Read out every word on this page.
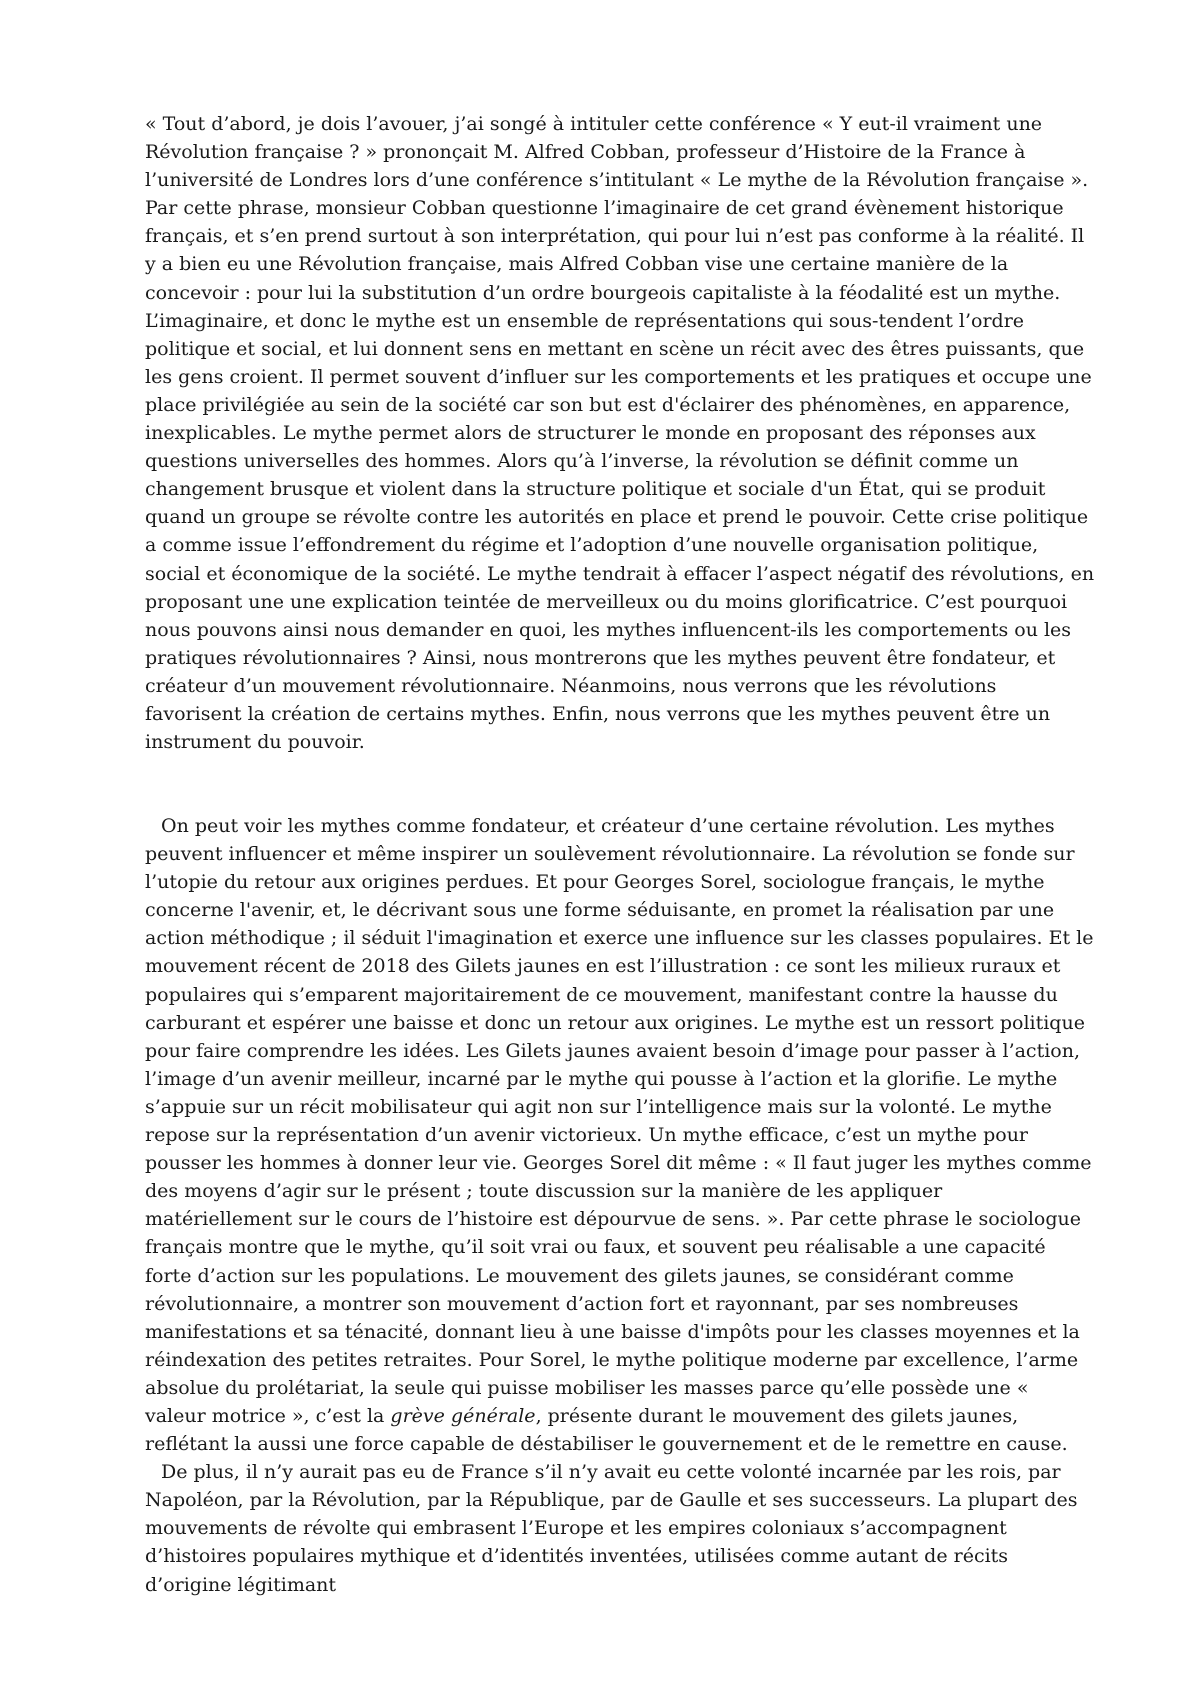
« Tout d’abord, je dois l’avouer, j’ai songé à intituler cette conférence « Y eut-il vraiment une Révolution française ? » prononçait M. Alfred Cobban, professeur d’Histoire de la France à l’université de Londres lors d’une conférence s’intitulant « Le mythe de la Révolution française ». Par cette phrase, monsieur Cobban questionne l’imaginaire de cet grand évènement historique français, et s’en prend surtout à son interprétation, qui pour lui n’est pas conforme à la réalité. Il y a bien eu une Révolution française, mais Alfred Cobban vise une certaine manière de la concevoir : pour lui la substitution d’un ordre bourgeois capitaliste à la féodalité est un mythe. L’imaginaire, et donc le mythe est un ensemble de représentations qui sous-tendent l’ordre politique et social, et lui donnent sens en mettant en scène un récit avec des êtres puissants, que les gens croient. Il permet souvent d’influer sur les comportements et les pratiques et occupe une place privilégiée au sein de la société car son but est d'éclairer des phénomènes, en apparence, inexplicables. Le mythe permet alors de structurer le monde en proposant des réponses aux questions universelles des hommes. Alors qu’à l’inverse, la révolution se définit comme un changement brusque et violent dans la structure politique et sociale d'un État, qui se produit quand un groupe se révolte contre les autorités en place et prend le pouvoir. Cette crise politique a comme issue l’effondrement du régime et l’adoption d’une nouvelle organisation politique, social et économique de la société. Le mythe tendrait à effacer l’aspect négatif des révolutions, en proposant une une explication teintée de merveilleux ou du moins glorificatrice. C’est pourquoi nous pouvons ainsi nous demander en quoi, les mythes influencent-ils les comportements ou les pratiques révolutionnaires ? Ainsi, nous montrerons que les mythes peuvent être fondateur, et créateur d’un mouvement révolutionnaire. Néanmoins, nous verrons que les révolutions favorisent la création de certains mythes. Enfin, nous verrons que les mythes peuvent être un instrument du pouvoir.

On peut voir les mythes comme fondateur, et créateur d’une certaine révolution. Les mythes peuvent influencer et même inspirer un soulèvement révolutionnaire. La révolution se fonde sur l’utopie du retour aux origines perdues. Et pour Georges Sorel, sociologue français, le mythe concerne l'avenir, et, le décrivant sous une forme séduisante, en promet la réalisation par une action méthodique ; il séduit l'imagination et exerce une influence sur les classes populaires. Et le mouvement récent de 2018 des Gilets jaunes en est l’illustration : ce sont les milieux ruraux et populaires qui s’emparent majoritairement de ce mouvement, manifestant contre la hausse du carburant et espérer une baisse et donc un retour aux origines. Le mythe est un ressort politique pour faire comprendre les idées. Les Gilets jaunes avaient besoin d’image pour passer à l’action, l’image d’un avenir meilleur, incarné par le mythe qui pousse à l’action et la glorifie. Le mythe s’appuie sur un récit mobilisateur qui agit non sur l’intelligence mais sur la volonté. Le mythe repose sur la représentation d’un avenir victorieux. Un mythe efficace, c’est un mythe pour pousser les hommes à donner leur vie. Georges Sorel dit même : « Il faut juger les mythes comme des moyens d’agir sur le présent ; toute discussion sur la manière de les appliquer matériellement sur le cours de l’histoire est dépourvue de sens. ». Par cette phrase le sociologue français montre que le mythe, qu’il soit vrai ou faux, et souvent peu réalisable a une capacité forte d’action sur les populations. Le mouvement des gilets jaunes, se considérant comme révolutionnaire, a montrer son mouvement d’action fort et rayonnant, par ses nombreuses manifestations et sa ténacité, donnant lieu à une baisse d'impôts pour les classes moyennes et la réindexation des petites retraites. Pour Sorel, le mythe politique moderne par excellence, l’arme absolue du prolétariat, la seule qui puisse mobiliser les masses parce qu’elle possède une « valeur motrice », c’est la grève générale, présente durant le mouvement des gilets jaunes, reflétant la aussi une force capable de déstabiliser le gouvernement et de le remettre en cause.

De plus, il n’y aurait pas eu de France s’il n’y avait eu cette volonté incarnée par les rois, par Napoléon, par la Révolution, par la République, par de Gaulle et ses successeurs. La plupart des mouvements de révolte qui embrasent l’Europe et les empires coloniaux s’accompagnent d’histoires populaires mythique et d’identités inventées, utilisées comme autant de récits d’origine légitimant
